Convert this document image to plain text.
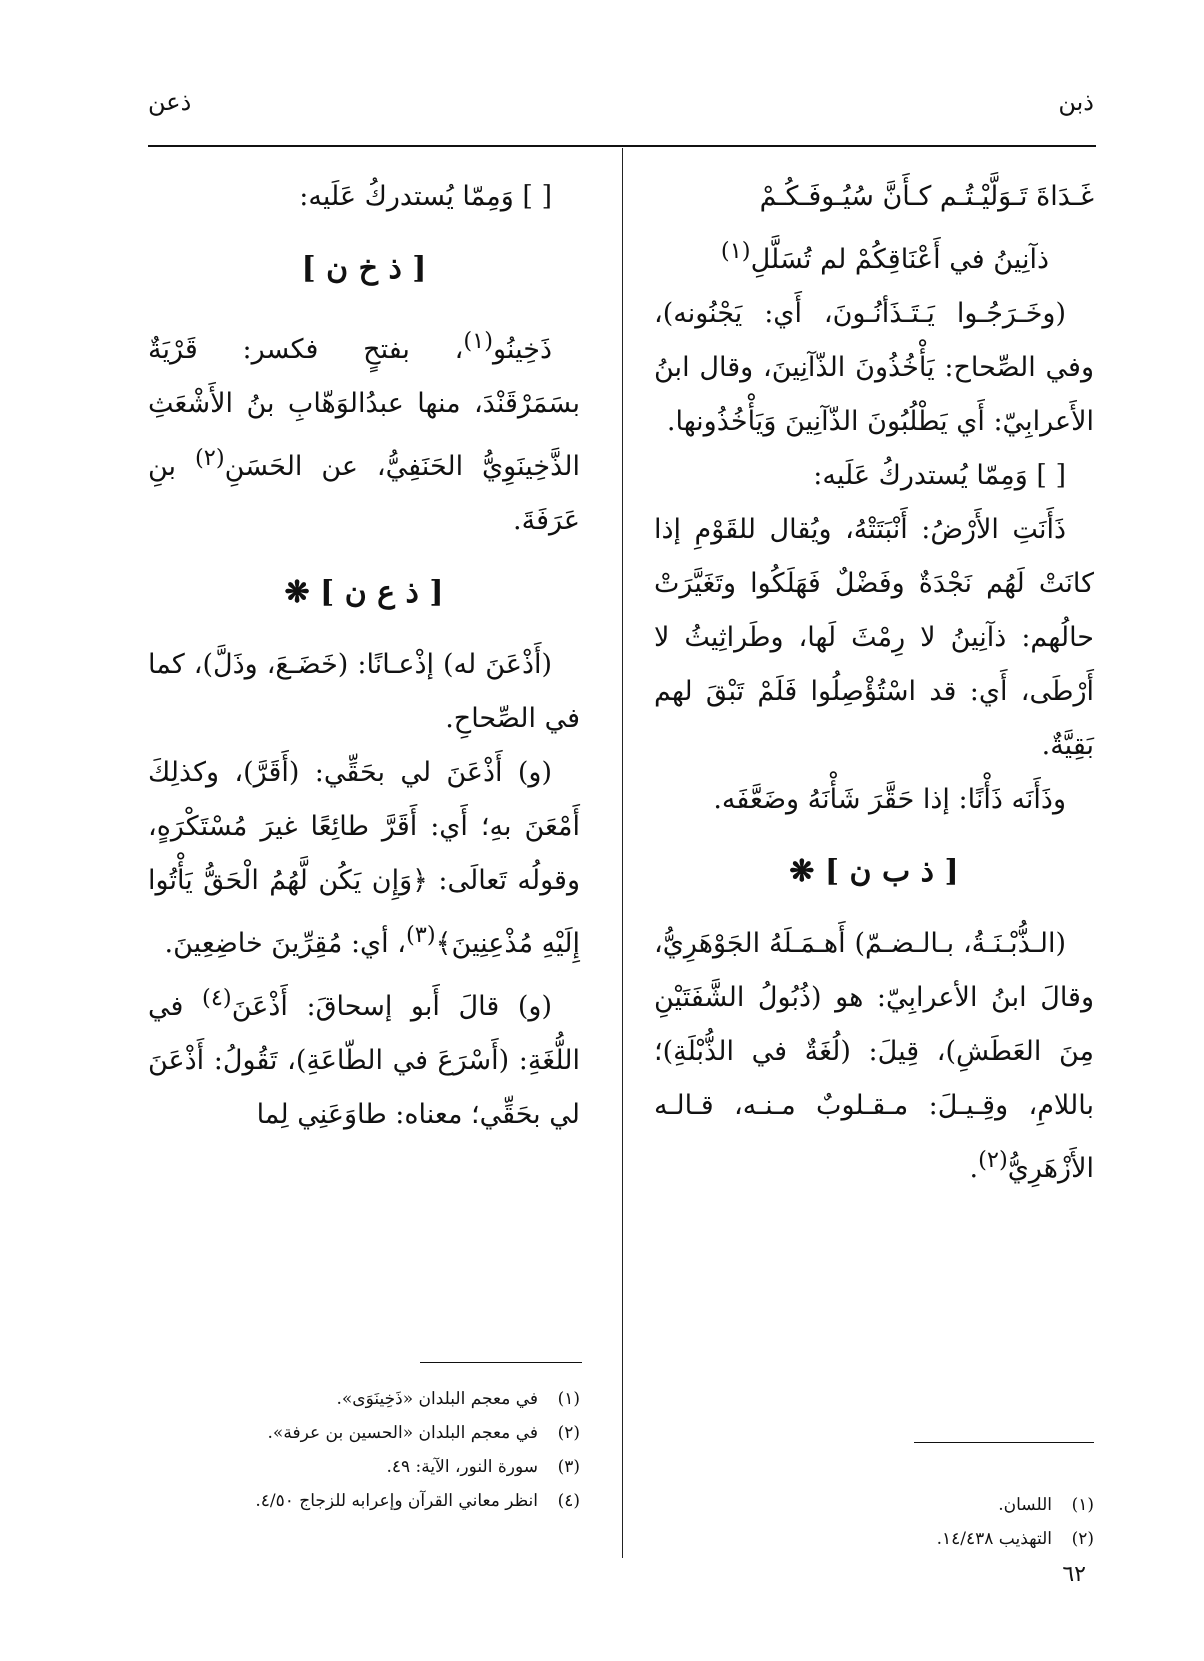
ذبن
ذعن

غَـدَاةَ تَـوَلَّيْـتُـم كـأَنَّ سُيُـوفَـكُـمْ

ذآنِينُ في أَعْنَاقِكُمْ لم تُسَلَّلِ$^{(١)}$

(وخَـرَجُـوا يَـتَـذَأنُـونَ، أَي: يَجْنُونه)، وفي الصِّحاح: يَأْخُذُونَ الذّآنِينَ، وقال ابنُ الأَعرابِيّ: أَي يَطْلُبُونَ الذّآنِينَ وَيَأْخُذُونها.

[ ] وَمِمّا يُستدركُ عَلَيه:

ذَأَنَتِ الأَرْضُ: أَنْبَتَتْهُ، ويُقال للقَوْمِ إذا كانَتْ لَهُم نَجْدَةٌ وفَضْلٌ فَهَلَكُوا وتَغَيَّرَتْ حالُهم: ذآنِينُ لا رِمْثَ لَها، وطَراثِيثُ لا أَرْطَى، أَي: قد اسْتُؤْصِلُوا فَلَمْ تَبْقَ لهم بَقِيَّةٌ.

وذَأَنَه ذَأْنًا: إذا حَقَّرَ شَأْنَهُ وضَعَّفَه.

[ ذ ب ن ] ❋

(الـذُّبْـنَـةُ، بـالـضـمّ) أَهـمَـلَهُ الجَوْهَرِيُّ، وقالَ ابنُ الأعرابِيّ: هو (ذُبُولُ الشَّفَتَيْنِ مِنَ العَطَشِ)، قِيلَ: (لُغَةٌ في الذُّبْلَةِ)؛ باللامِ، وقِـيـلَ: مـقـلوبٌ مـنـه، قـالـه الأَزْهَرِيُّ$^{(٢)}$.

[ ] وَمِمّا يُستدركُ عَلَيه:

[ ذ خ ن ]

ذَخِينُو$^{(١)}$، بفتحٍ فكسر: قَرْيَةٌ بسَمَرْقَنْدَ، منها عبدُالوَهّابِ بنُ الأَشْعَثِ الذَّخِينَوِيُّ الحَنَفِيُّ، عن الحَسَنِ$^{(٢)}$ بنِ عَرَفَةَ.

[ ذ ع ن ] ❋

(أَذْعَنَ له) إذْعـانًا: (خَضَـعَ، وذَلَّ)، كما في الصِّحاحِ.

(و) أَذْعَنَ لي بحَقِّي: (أَقَرَّ)، وكذلِكَ أَمْعَنَ بهِ؛ أَي: أَقَرَّ طائِعًا غيرَ مُسْتَكْرَهٍ، وقولُه تَعالَى: ﴿وَإِن يَكُن لَّهُمُ الْحَقُّ يَأْتُوا إِلَيْهِ مُذْعِنِينَ﴾$^{(٣)}$، أي: مُقِرِّينَ خاضِعِينَ.

(و) قالَ أَبو إسحاقَ: أَذْعَنَ$^{(٤)}$ في اللُّغَةِ: (أَسْرَعَ في الطّاعَةِ)، تَقُولُ: أَذْعَنَ لي بحَقِّي؛ معناه: طاوَعَنِي لِما

(١)اللسان.
(٢)التهذيب ١٤/٤٣٨.
(١)في معجم البلدان «ذَخِينَوَى».
(٢)في معجم البلدان «الحسين بن عرفة».
(٣)سورة النور، الآية: ٤٩.
(٤)انظر معاني القرآن وإعرابه للزجاج ٤/٥٠.
٦٢
